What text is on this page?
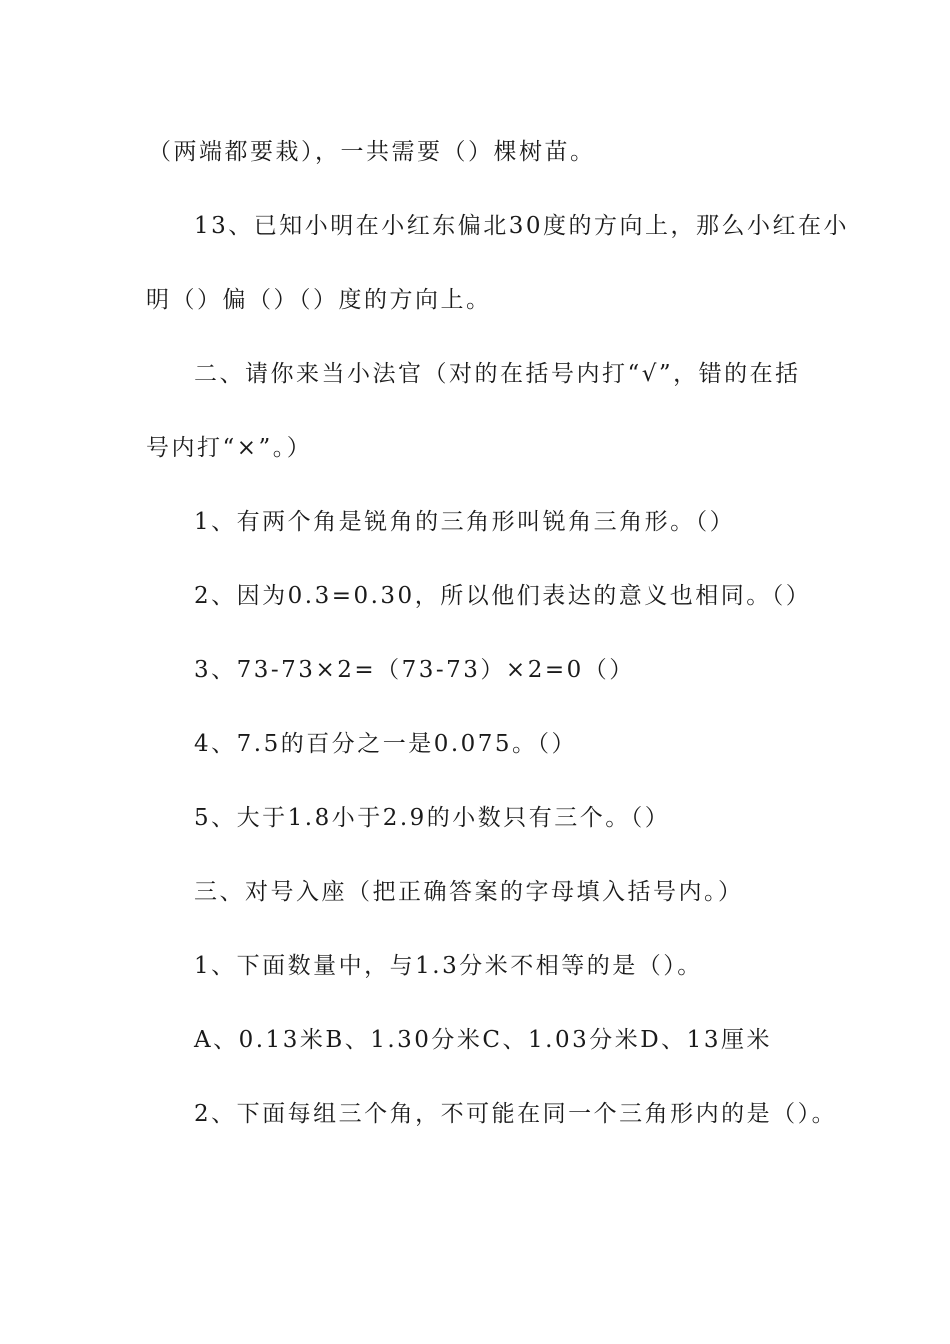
（两端都要栽），一共需要（）棵树苗。
13、已知小明在小红东偏北30度的方向上，那么小红在小
明（）偏（）（）度的方向上。
二、请你来当小法官（对的在括号内打“√”，错的在括
号内打“×”。）
1、有两个角是锐角的三角形叫锐角三角形。（）
2、因为0.3=0.30，所以他们表达的意义也相同。（）
3、73-73×2=（73-73）×2=0（）
4、7.5的百分之一是0.075。（）
5、大于1.8小于2.9的小数只有三个。（）
三、对号入座（把正确答案的字母填入括号内。）
1、下面数量中，与1.3分米不相等的是（）。
A、0.13米B、1.30分米C、1.03分米D、13厘米
2、下面每组三个角，不可能在同一个三角形内的是（）。
